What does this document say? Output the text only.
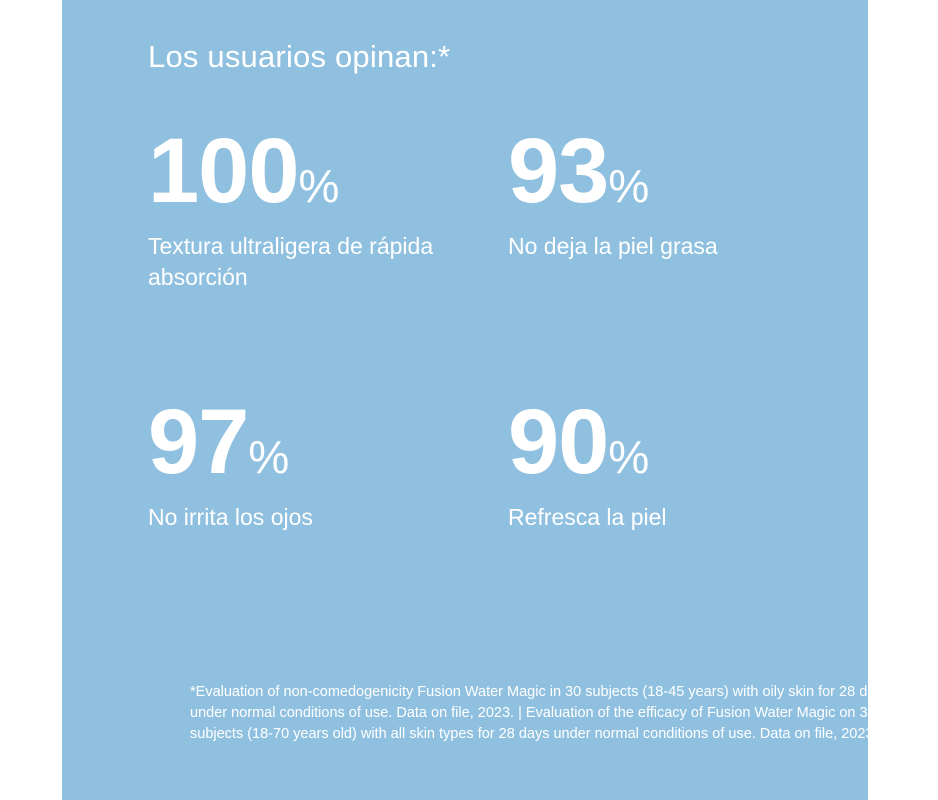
Los usuarios opinan:*
100%
Textura ultraligera de rápida absorción
93%
No deja la piel grasa
97%
No irrita los ojos
90%
Refresca la piel
*Evaluation of non-comedogenicity Fusion Water Magic in 30 subjects (18-45 years) with oily skin for 28 days under normal conditions of use. Data on file, 2023. | Evaluation of the efficacy of Fusion Water Magic on 30 subjects (18-70 years old) with all skin types for 28 days under normal conditions of use. Data on file, 2023.
